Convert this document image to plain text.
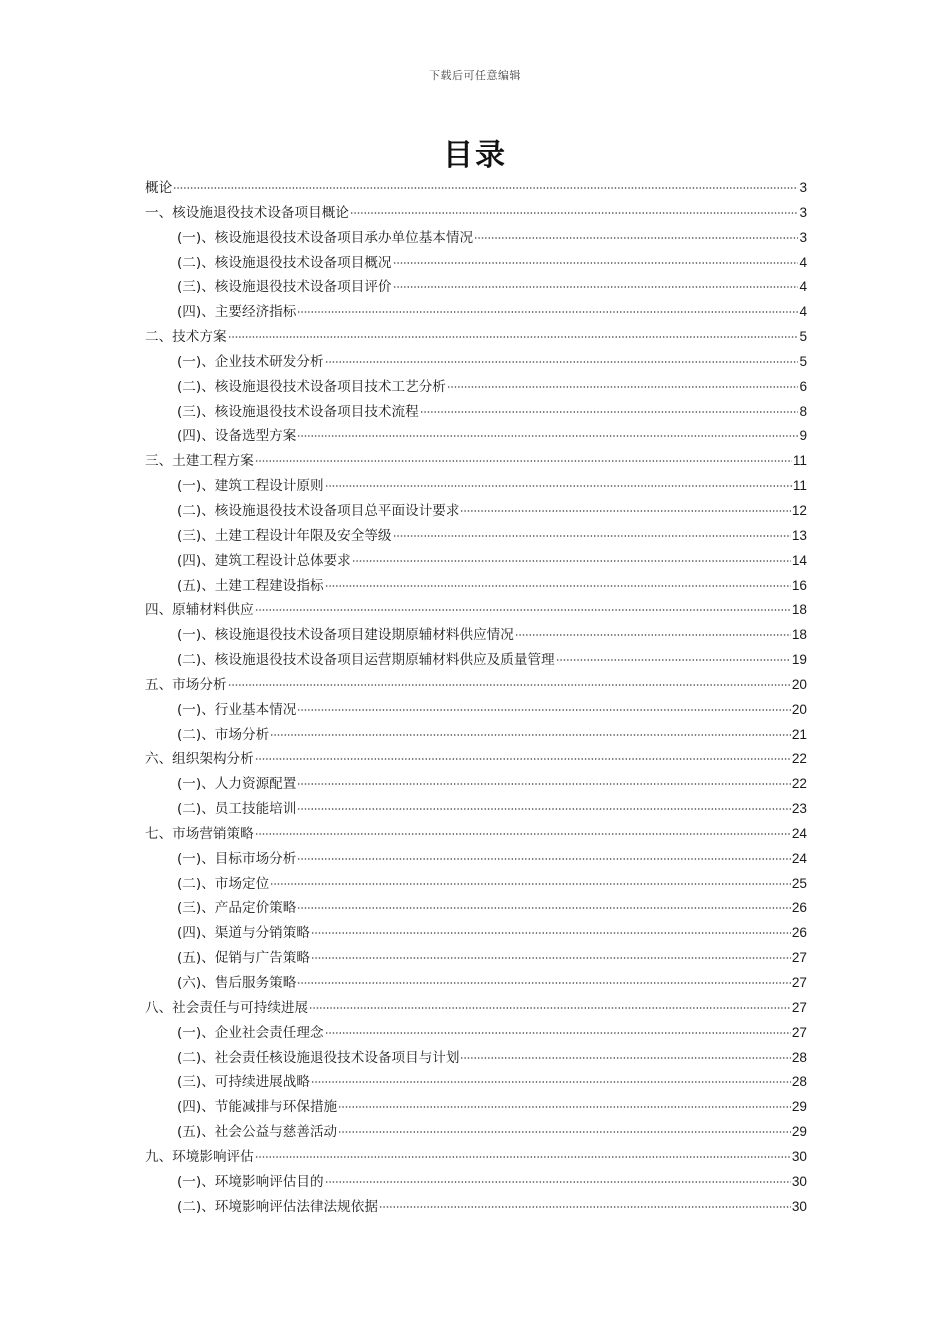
下载后可任意编辑
目录
概论	3
一、核设施退役技术设备项目概论	3
(一)、核设施退役技术设备项目承办单位基本情况	3
(二)、核设施退役技术设备项目概况	4
(三)、核设施退役技术设备项目评价	4
(四)、主要经济指标	4
二、技术方案	5
(一)、企业技术研发分析	5
(二)、核设施退役技术设备项目技术工艺分析	6
(三)、核设施退役技术设备项目技术流程	8
(四)、设备选型方案	9
三、土建工程方案	11
(一)、建筑工程设计原则	11
(二)、核设施退役技术设备项目总平面设计要求	12
(三)、土建工程设计年限及安全等级	13
(四)、建筑工程设计总体要求	14
(五)、土建工程建设指标	16
四、原辅材料供应	18
(一)、核设施退役技术设备项目建设期原辅材料供应情况	18
(二)、核设施退役技术设备项目运营期原辅材料供应及质量管理	19
五、市场分析	20
(一)、行业基本情况	20
(二)、市场分析	21
六、组织架构分析	22
(一)、人力资源配置	22
(二)、员工技能培训	23
七、市场营销策略	24
(一)、目标市场分析	24
(二)、市场定位	25
(三)、产品定价策略	26
(四)、渠道与分销策略	26
(五)、促销与广告策略	27
(六)、售后服务策略	27
八、社会责任与可持续进展	27
(一)、企业社会责任理念	27
(二)、社会责任核设施退役技术设备项目与计划	28
(三)、可持续进展战略	28
(四)、节能减排与环保措施	29
(五)、社会公益与慈善活动	29
九、环境影响评估	30
(一)、环境影响评估目的	30
(二)、环境影响评估法律法规依据	30
